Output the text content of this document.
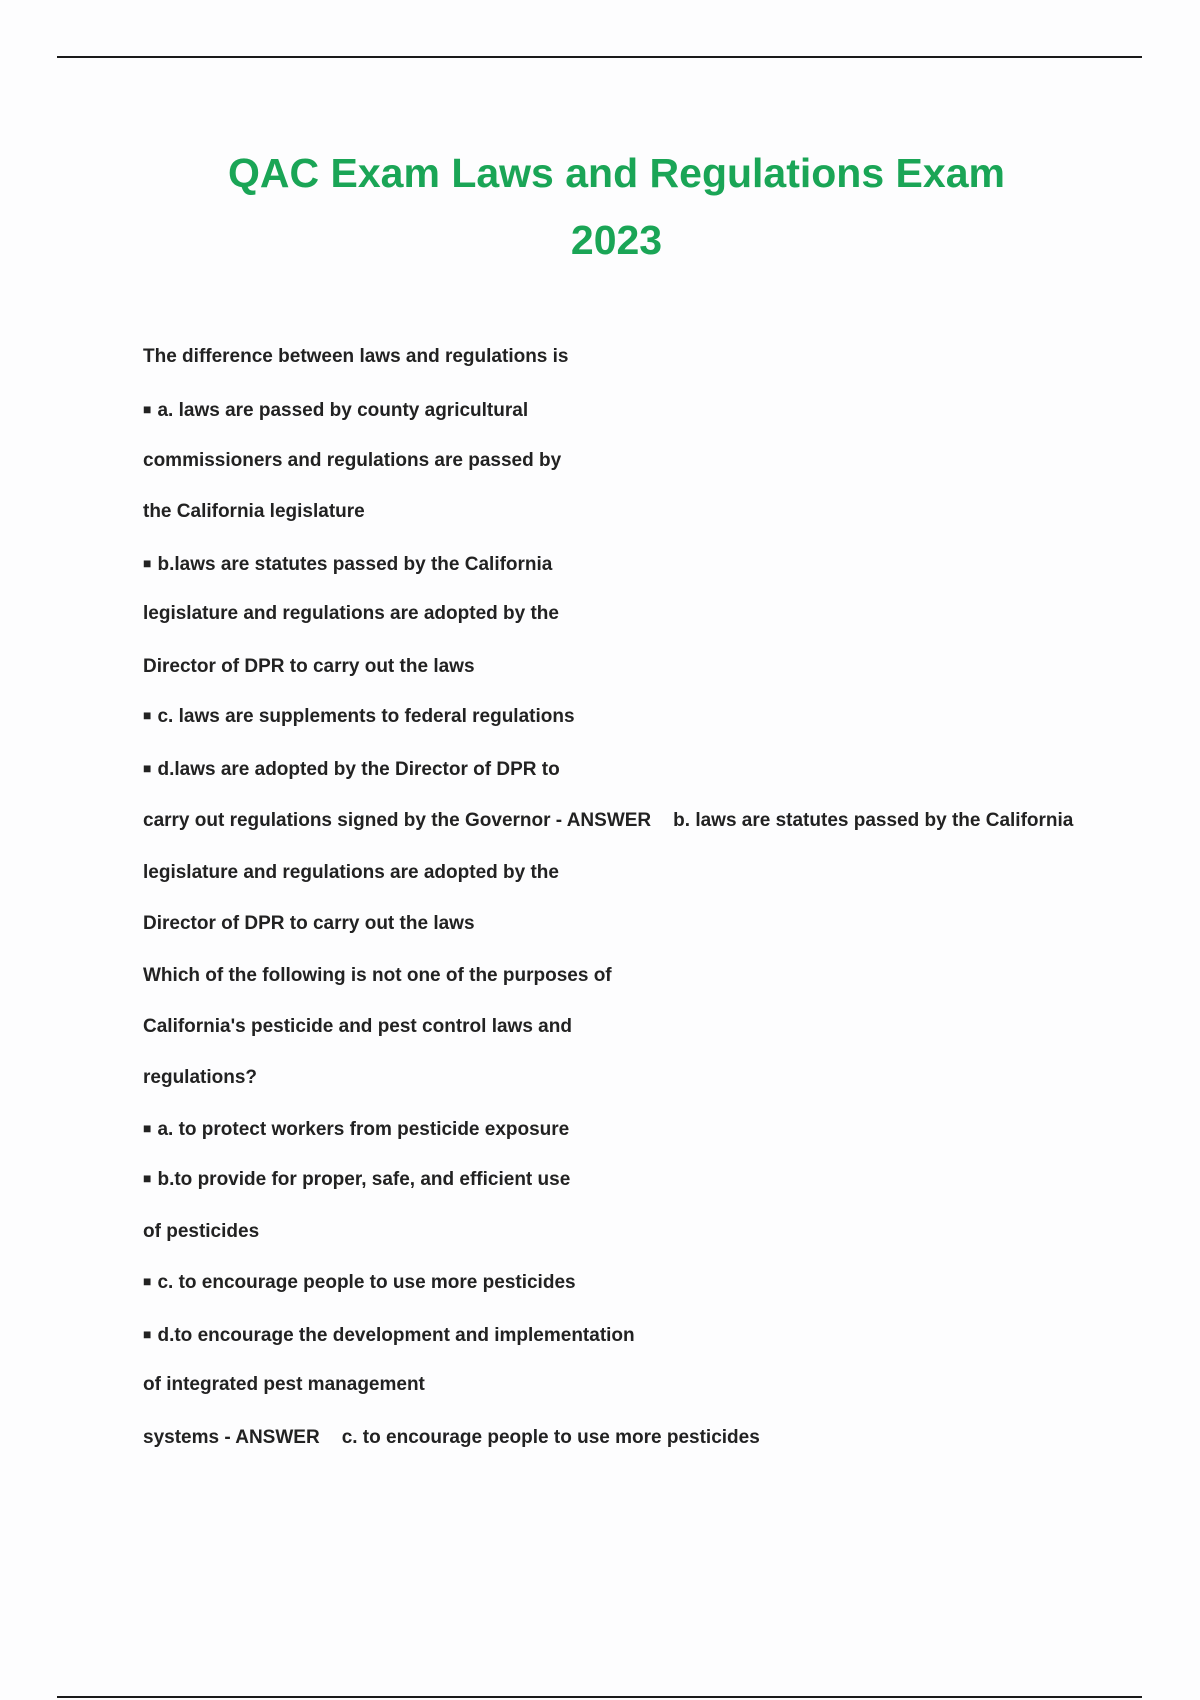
QAC Exam Laws and Regulations Exam
2023
The difference between laws and regulations is
■ a. laws are passed by county agricultural
commissioners and regulations are passed by
the California legislature
■ b.laws are statutes passed by the California
legislature and regulations are adopted by the
Director of DPR to carry out the laws
■ c. laws are supplements to federal regulations
■ d.laws are adopted by the Director of DPR to
carry out regulations signed by the Governor - ANSWER b. laws are statutes passed by the California
legislature and regulations are adopted by the
Director of DPR to carry out the laws
Which of the following is not one of the purposes of
California's pesticide and pest control laws and
regulations?
■ a. to protect workers from pesticide exposure
■ b.to provide for proper, safe, and efficient use
of pesticides
■ c. to encourage people to use more pesticides
■ d.to encourage the development and implementation
of integrated pest management
systems - ANSWER c. to encourage people to use more pesticides
